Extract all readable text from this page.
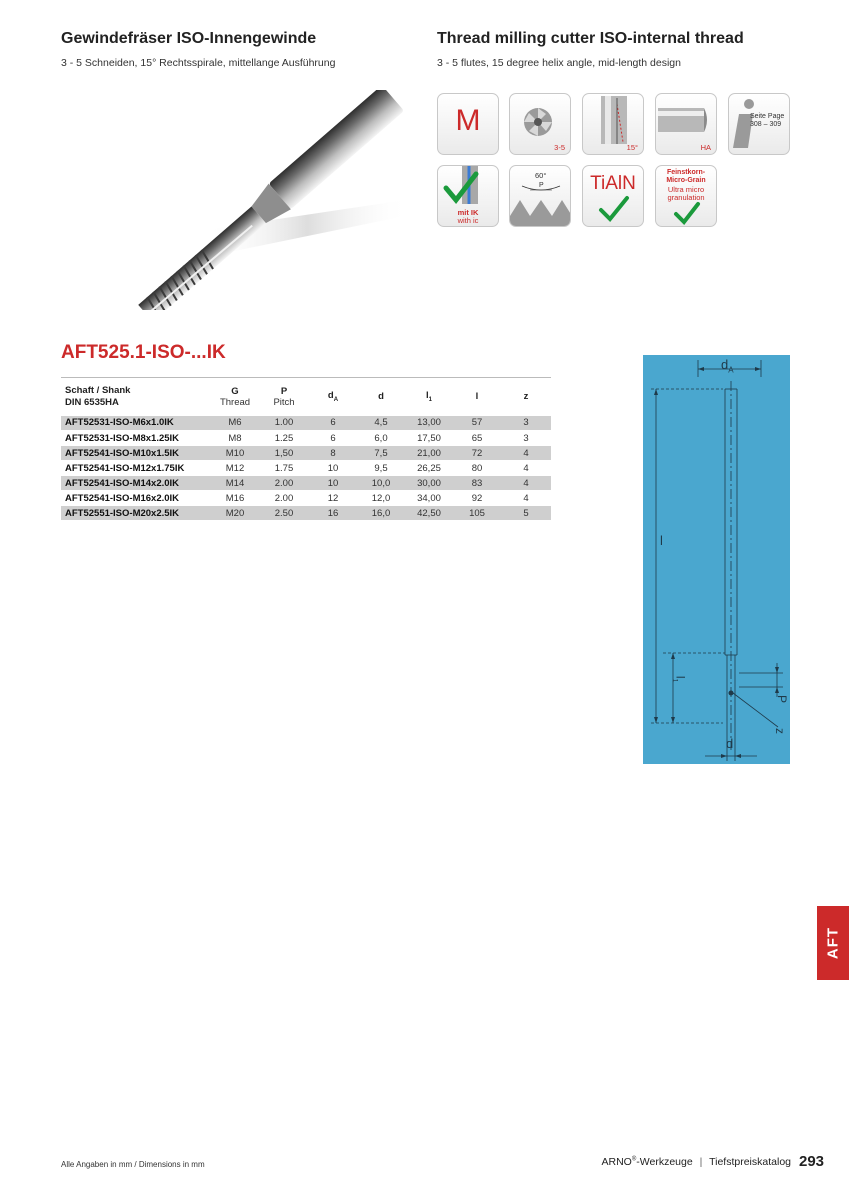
Gewindefräser ISO-Innengewinde
3 - 5 Schneiden, 15° Rechtsspirale, mittellange Ausführung
Thread milling cutter ISO-internal thread
3 - 5 flutes, 15 degree helix angle, mid-length design
M
3-5	15°	HA
Seite Page
308 – 309
mit IK
with ic
60°
P	TiAlN
Feinstkorn-
Micro-Grain
Ultra micro
granulation
AFT525.1-ISO-...IK
Schaft / Shank
DIN 6535HA	G
Thread	P
Pitch	$d_A$	d	$l_1$	l	z
AFT52531-ISO-M6x1.0IK	M6	1.00	6	4,5	13,00	57	3
AFT52531-ISO-M8x1.25IK	M8	1.25	6	6,0	17,50	65	3
AFT52541-ISO-M10x1.5IK	M10	1,50	8	7,5	21,00	72	4
AFT52541-ISO-M12x1.75IK	M12	1.75	10	9,5	26,25	80	4
AFT52541-ISO-M14x2.0IK	M14	2.00	10	10,0	30,00	83	4
AFT52541-ISO-M16x2.0IK	M16	2.00	12	12,0	34,00	92	4
AFT52551-ISO-M20x2.5IK	M20	2.50	16	16,0	42,50	105	5
$d_A$
l
$l_1$
P
z
d
AFT
Alle Angaben in mm / Dimensions in mm	ARNO®-Werkzeuge | Tiefstpreiskatalog 293
